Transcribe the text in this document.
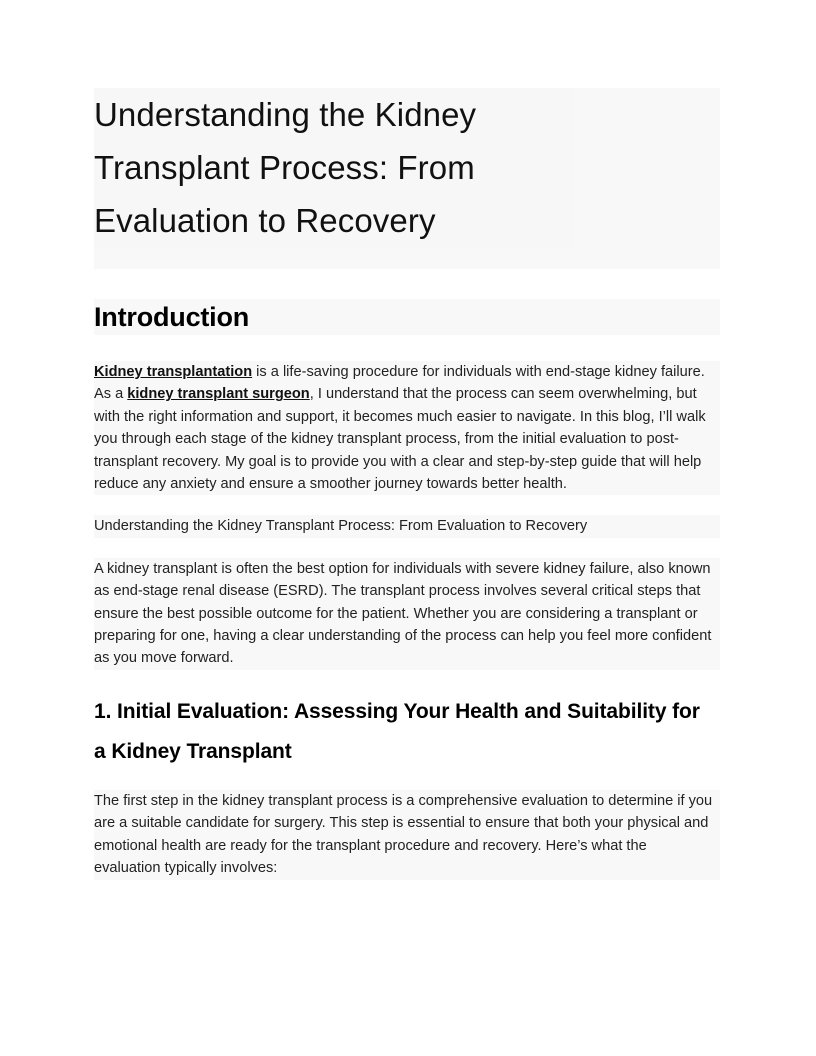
Understanding the Kidney Transplant Process: From Evaluation to Recovery
Introduction

Kidney transplantation is a life-saving procedure for individuals with end-stage kidney failure. As a kidney transplant surgeon, I understand that the process can seem overwhelming, but with the right information and support, it becomes much easier to navigate. In this blog, I’ll walk you through each stage of the kidney transplant process, from the initial evaluation to post-transplant recovery. My goal is to provide you with a clear and step-by-step guide that will help reduce any anxiety and ensure a smoother journey towards better health.

Understanding the Kidney Transplant Process: From Evaluation to Recovery

A kidney transplant is often the best option for individuals with severe kidney failure, also known as end-stage renal disease (ESRD). The transplant process involves several critical steps that ensure the best possible outcome for the patient. Whether you are considering a transplant or preparing for one, having a clear understanding of the process can help you feel more confident as you move forward.

1. Initial Evaluation: Assessing Your Health and Suitability for a Kidney Transplant

The first step in the kidney transplant process is a comprehensive evaluation to determine if you are a suitable candidate for surgery. This step is essential to ensure that both your physical and emotional health are ready for the transplant procedure and recovery. Here’s what the evaluation typically involves:
